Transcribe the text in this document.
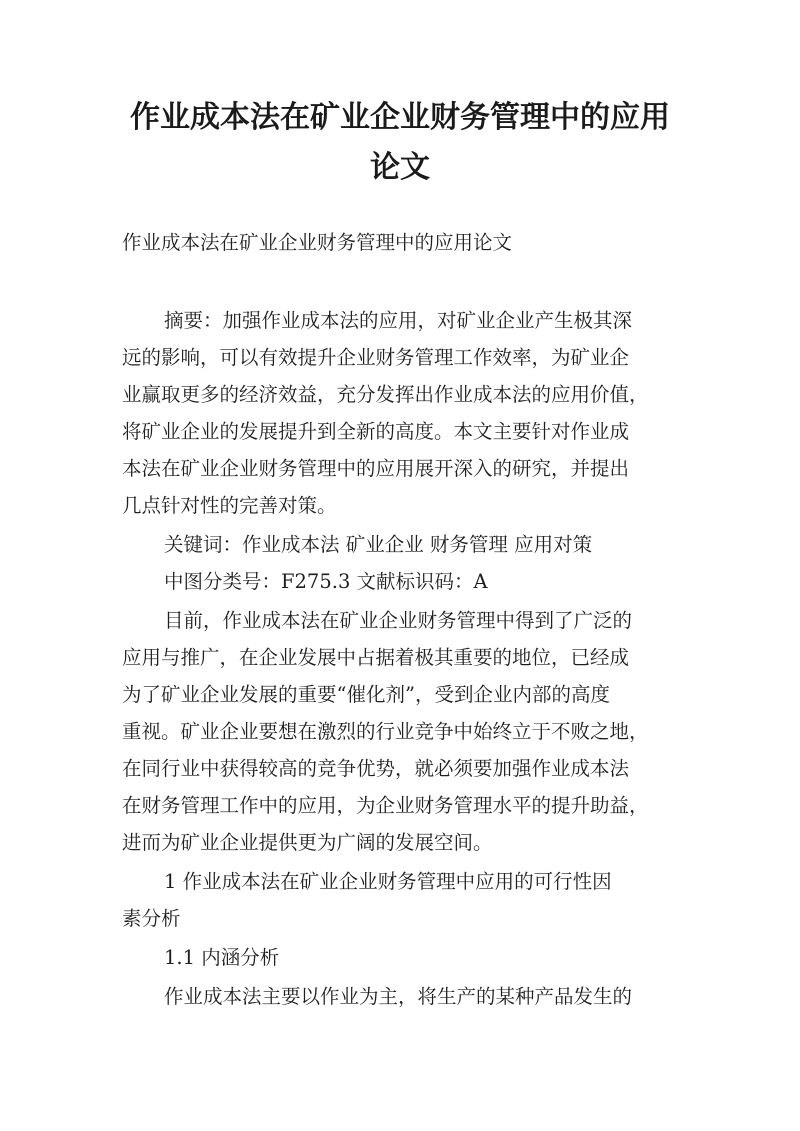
作业成本法在矿业企业财务管理中的应用
论文
作业成本法在矿业企业财务管理中的应用论文
摘要：加强作业成本法的应用，对矿业企业产生极其深
远的影响，可以有效提升企业财务管理工作效率，为矿业企
业赢取更多的经济效益，充分发挥出作业成本法的应用价值，
将矿业企业的发展提升到全新的高度。本文主要针对作业成
本法在矿业企业财务管理中的应用展开深入的研究，并提出
几点针对性的完善对策。
关键词：作业成本法 矿业企业 财务管理 应用对策
中图分类号：F275.3 文献标识码：A
目前，作业成本法在矿业企业财务管理中得到了广泛的
应用与推广，在企业发展中占据着极其重要的地位，已经成
为了矿业企业发展的重要“催化剂”，受到企业内部的高度
重视。矿业企业要想在激烈的行业竞争中始终立于不败之地，
在同行业中获得较高的竞争优势，就必须要加强作业成本法
在财务管理工作中的应用，为企业财务管理水平的提升助益，
进而为矿业企业提供更为广阔的发展空间。
1 作业成本法在矿业企业财务管理中应用的可行性因
素分析
1.1 内涵分析
作业成本法主要以作业为主，将生产的某种产品发生的
